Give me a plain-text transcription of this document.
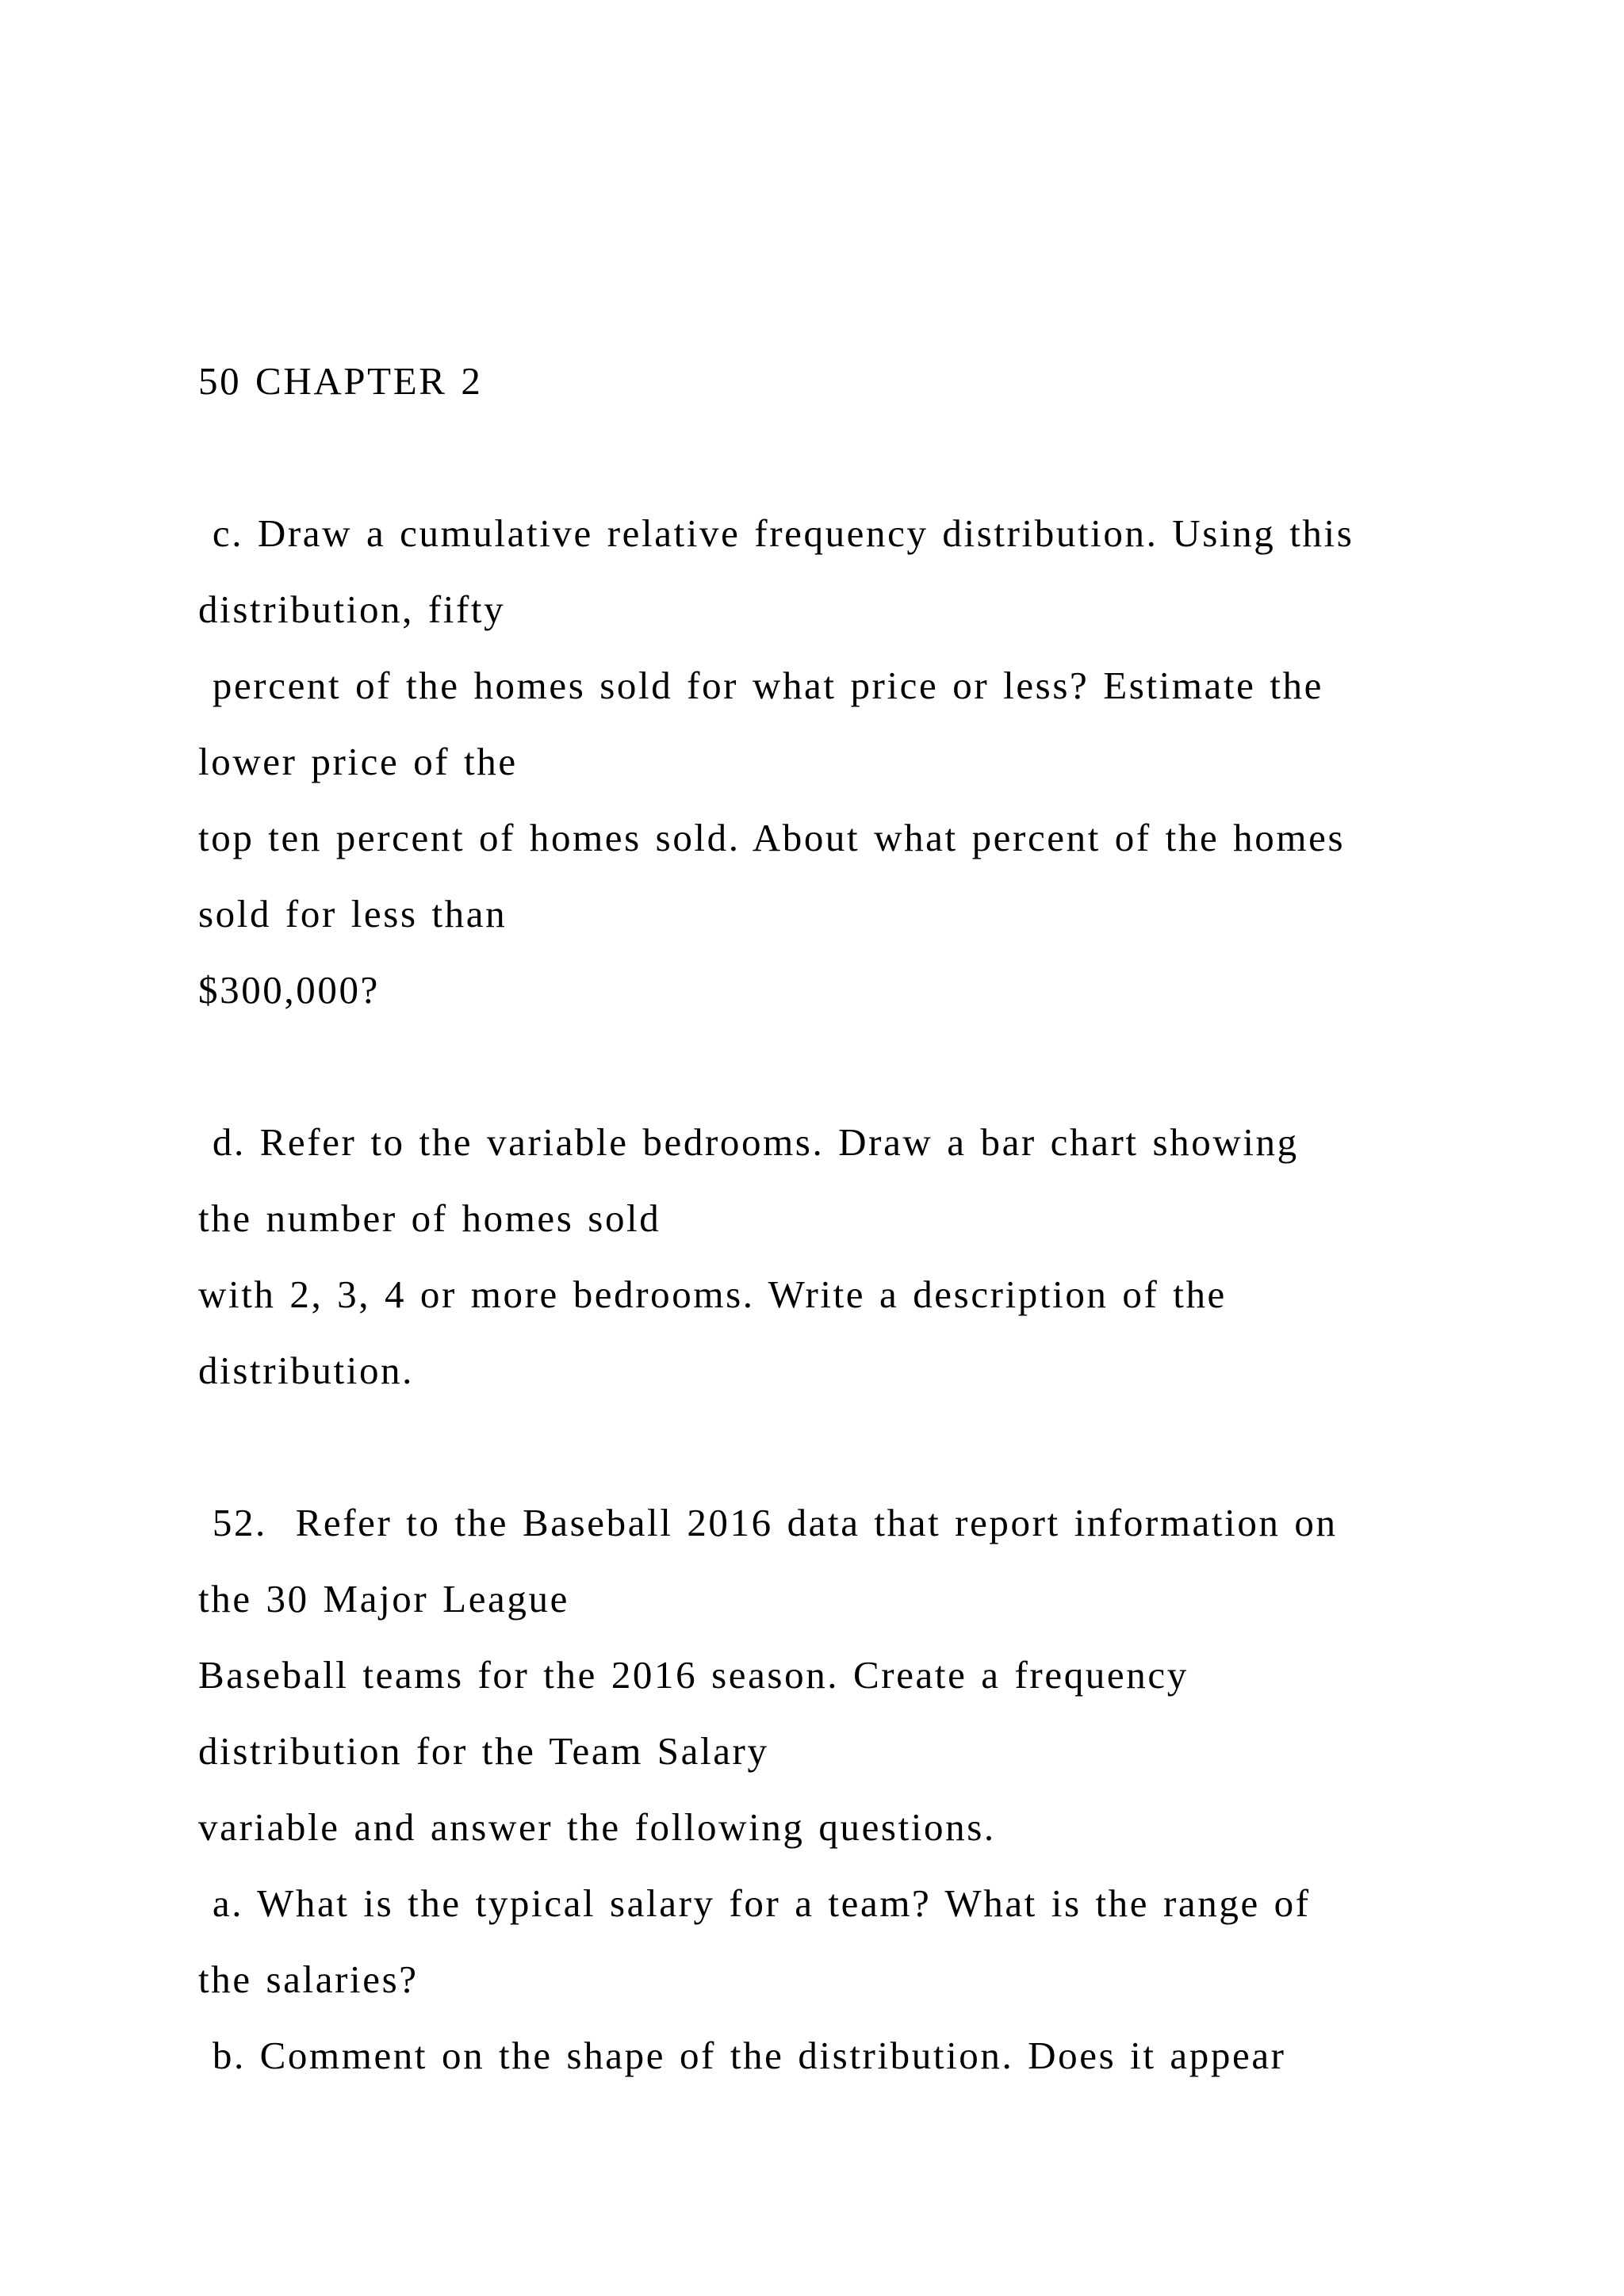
50 CHAPTER 2
c. Draw a cumulative relative frequency distribution. Using this
distribution, fifty
percent of the homes sold for what price or less? Estimate the
lower price of the
top ten percent of homes sold. About what percent of the homes
sold for less than
$300,000?
d. Refer to the variable bedrooms. Draw a bar chart showing
the number of homes sold
with 2, 3, 4 or more bedrooms. Write a description of the
distribution.
52.  Refer to the Baseball 2016 data that report information on
the 30 Major League
Baseball teams for the 2016 season. Create a frequency
distribution for the Team Salary
variable and answer the following questions.
a. What is the typical salary for a team? What is the range of
the salaries?
b. Comment on the shape of the distribution. Does it appear
